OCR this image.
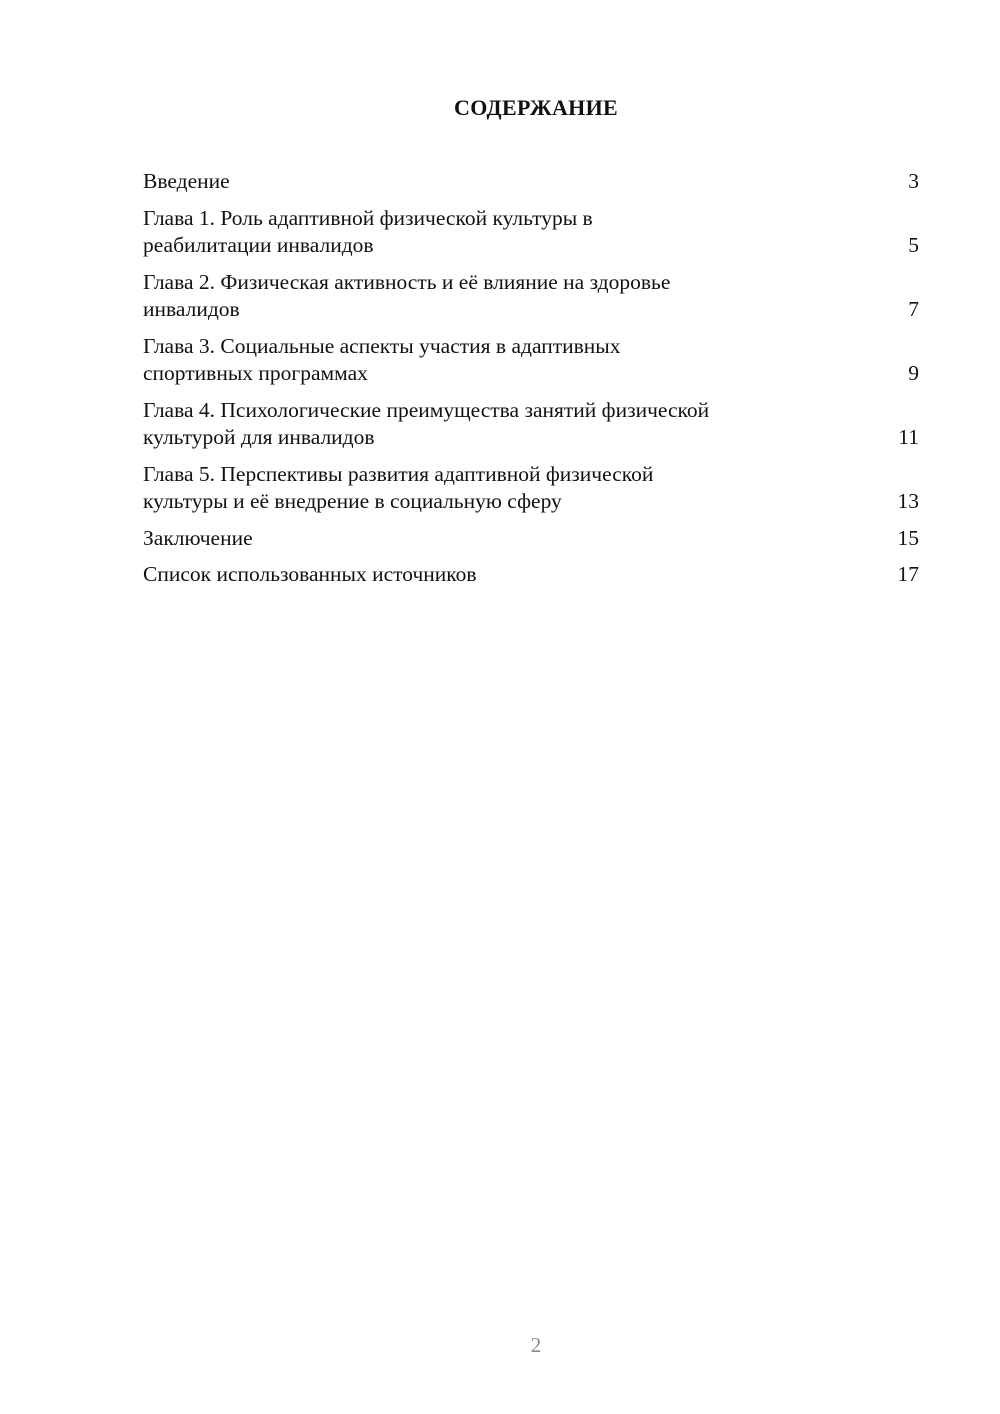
СОДЕРЖАНИЕ
Введение	3
Глава 1. Роль адаптивной физической культуры в
реабилитации инвалидов	5
Глава 2. Физическая активность и её влияние на здоровье
инвалидов	7
Глава 3. Социальные аспекты участия в адаптивных
спортивных программах	9
Глава 4. Психологические преимущества занятий физической
культурой для инвалидов	11
Глава 5. Перспективы развития адаптивной физической
культуры и её внедрение в социальную сферу	13
Заключение	15
Список использованных источников	17
2
